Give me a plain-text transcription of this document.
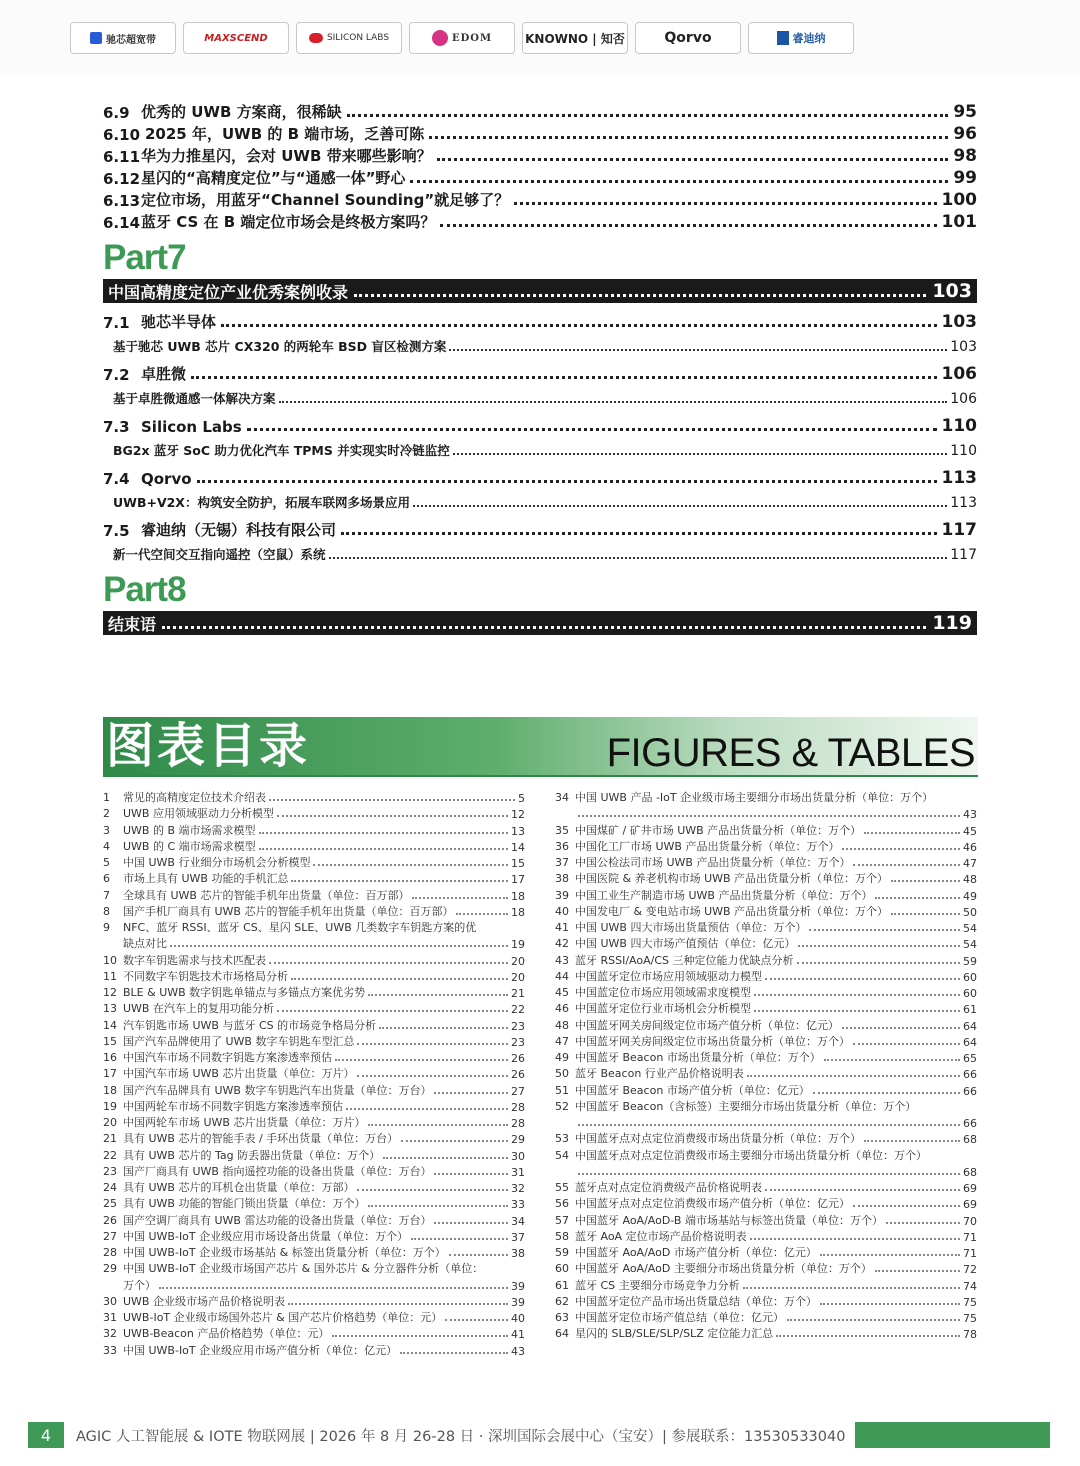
驰芯超宽带	MAXSCEND	SILICON LABS	EDOM	KNOWNO | 知否	Qorvo	睿迪纳
6.9 优秀的 UWB 方案商，很稀缺	95
6.10 2025 年，UWB 的 B 端市场，乏善可陈	96
6.11 华为力推星闪，会对 UWB 带来哪些影响？	98
6.12 星闪的“高精度定位”与“通感一体”野心	99
6.13 定位市场，用蓝牙“Channel Sounding”就足够了？	100
6.14 蓝牙 CS 在 B 端定位市场会是终极方案吗？	101
Part7
中国高精度定位产业优秀案例收录	103
7.1 驰芯半导体	103
基于驰芯 UWB 芯片 CX320 的两轮车 BSD 盲区检测方案	103
7.2 卓胜微	106
基于卓胜微通感一体解决方案	106
7.3 Silicon Labs	110
BG2x 蓝牙 SoC 助力优化汽车 TPMS 并实现实时冷链监控	110
7.4 Qorvo	113
UWB+V2X：构筑安全防护，拓展车联网多场景应用	113
7.5 睿迪纳（无锡）科技有限公司	117
新一代空间交互指向遥控（空鼠）系统	117
Part8
结束语	119
图表目录	FIGURES & TABLES
1 常见的高精度定位技术介绍表	5
2 UWB 应用领域驱动力分析模型	12
3 UWB 的 B 端市场需求模型	13
4 UWB 的 C 端市场需求模型	14
5 中国 UWB 行业细分市场机会分析模型	15
6 市场上具有 UWB 功能的手机汇总	17
7 全球具有 UWB 芯片的智能手机年出货量（单位：百万部）	18
8 国产手机厂商具有 UWB 芯片的智能手机年出货量（单位：百万部）	18
9 NFC、蓝牙 RSSI、蓝牙 CS、星闪 SLE、UWB 几类数字车钥匙方案的优
缺点对比	19
10 数字车钥匙需求与技术匹配表	20
11 不同数字车钥匙技术市场格局分析	20
12 BLE & UWB 数字钥匙单锚点与多锚点方案优劣势	21
13 UWB 在汽车上的复用功能分析	22
14 汽车钥匙市场 UWB 与蓝牙 CS 的市场竞争格局分析	23
15 国产汽车品牌使用了 UWB 数字车钥匙车型汇总	23
16 中国汽车市场不同数字钥匙方案渗透率预估	26
17 中国汽车市场 UWB 芯片出货量（单位：万片）	26
18 国产汽车品牌具有 UWB 数字车钥匙汽车出货量（单位：万台）	27
19 中国两轮车市场不同数字钥匙方案渗透率预估	28
20 中国两轮车市场 UWB 芯片出货量（单位：万片）	28
21 具有 UWB 芯片的智能手表 / 手环出货量（单位：万台）	29
22 具有 UWB 芯片的 Tag 防丢器出货量（单位：万个）	30
23 国产厂商具有 UWB 指向遥控功能的设备出货量（单位：万台）	31
24 具有 UWB 芯片的耳机仓出货量（单位：万部）	32
25 具有 UWB 功能的智能门锁出货量（单位：万个）	33
26 国产空调厂商具有 UWB 雷达功能的设备出货量（单位：万台）	34
27 中国 UWB-IoT 企业级应用市场设备出货量（单位：万个）	37
28 中国 UWB-IoT 企业级市场基站 & 标签出货量分析（单位：万个）	38
29 中国 UWB-IoT 企业级市场国产芯片 & 国外芯片 & 分立器件分析（单位：
万个）	39
30 UWB 企业级市场产品价格说明表	39
31 UWB-IoT 企业级市场国外芯片 & 国产芯片价格趋势（单位：元）	40
32 UWB-Beacon 产品价格趋势（单位：元）	41
33 中国 UWB-IoT 企业级应用市场产值分析（单位：亿元）	43
34 中国 UWB 产品 -IoT 企业级市场主要细分市场出货量分析（单位：万个）
43
35 中国煤矿 / 矿井市场 UWB 产品出货量分析（单位：万个）	45
36 中国化工厂市场 UWB 产品出货量分析（单位：万个）	46
37 中国公检法司市场 UWB 产品出货量分析（单位：万个）	47
38 中国医院 & 养老机构市场 UWB 产品出货量分析（单位：万个）	48
39 中国工业生产制造市场 UWB 产品出货量分析（单位：万个）	49
40 中国发电厂 & 变电站市场 UWB 产品出货量分析（单位：万个）	50
41 中国 UWB 四大市场出货量预估（单位：万个）	54
42 中国 UWB 四大市场产值预估（单位：亿元）	54
43 蓝牙 RSSI/AoA/CS 三种定位能力优缺点分析	59
44 中国蓝牙定位市场应用领域驱动力模型	60
45 中国蓝定位市场应用领域需求度模型	60
46 中国蓝牙定位行业市场机会分析模型	61
48 中国蓝牙网关房间级定位市场产值分析（单位：亿元）	64
47 中国蓝牙网关房间级定位市场出货量分析（单位：万个）	64
49 中国蓝牙 Beacon 市场出货量分析（单位：万个）	65
50 蓝牙 Beacon 行业产品价格说明表	66
51 中国蓝牙 Beacon 市场产值分析（单位：亿元）	66
52 中国蓝牙 Beacon（含标签）主要细分市场出货量分析（单位：万个）
66
53 中国蓝牙点对点定位消费级市场出货量分析（单位：万个）	68
54 中国蓝牙点对点定位消费级市场主要细分市场出货量分析（单位：万个）
68
55 蓝牙点对点定位消费级产品价格说明表	69
56 中国蓝牙点对点定位消费级市场产值分析（单位：亿元）	69
57 中国蓝牙 AoA/AoD-B 端市场基站与标签出货量（单位：万个）	70
58 蓝牙 AoA 定位市场产品价格说明表	71
59 中国蓝牙 AoA/AoD 市场产值分析（单位：亿元）	71
60 中国蓝牙 AoA/AoD 主要细分市场出货量分析（单位：万个）	72
61 蓝牙 CS 主要细分市场竞争力分析	74
62 中国蓝牙定位产品市场出货量总结（单位：万个）	75
63 中国蓝牙定位市场产值总结（单位：亿元）	75
64 星闪的 SLB/SLE/SLP/SLZ 定位能力汇总	78
4	AGIC 人工智能展 & IOTE 物联网展 | 2026 年 8 月 26-28 日 · 深圳国际会展中心（宝安）| 参展联系：13530533040
